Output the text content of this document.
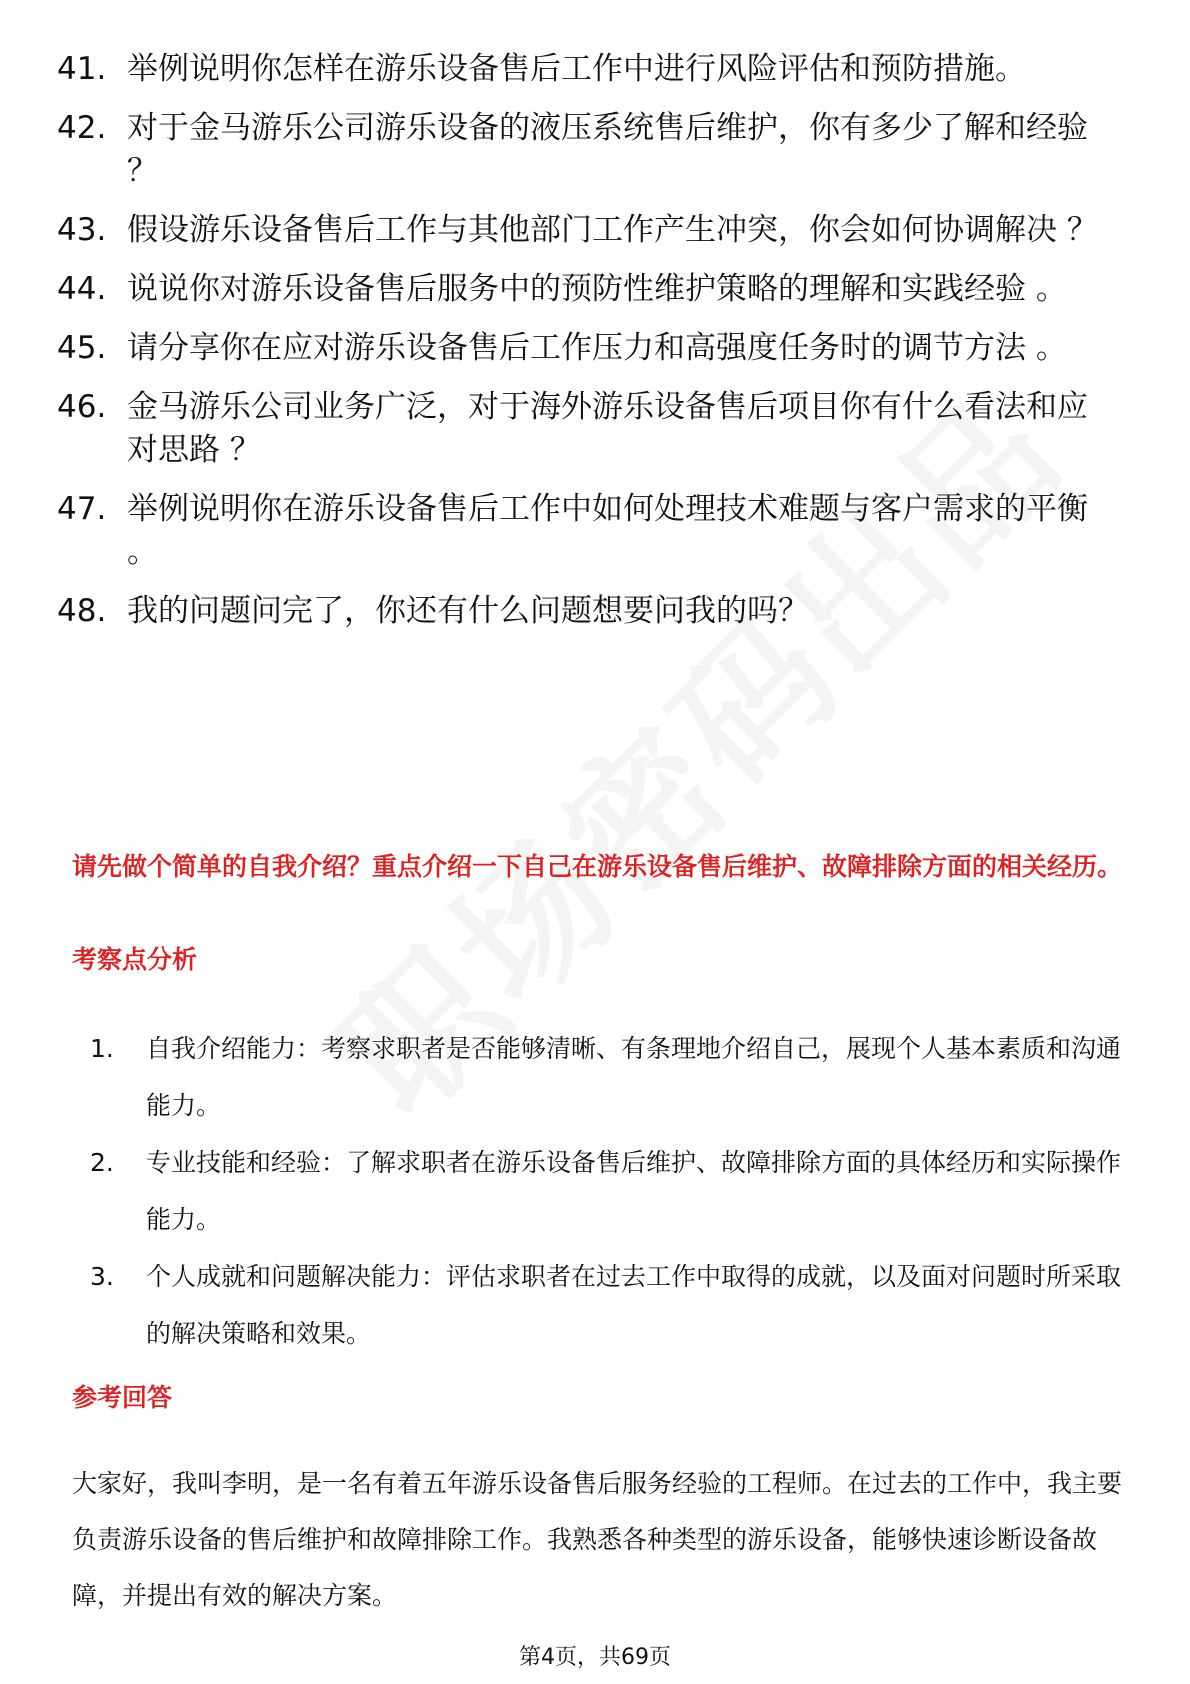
41. 举例说明你怎样在游乐设备售后工作中进行风险评估和预防措施。
42. 对于金马游乐公司游乐设备的液压系统售后维护，你有多少了解和经验 ？
43. 假设游乐设备售后工作与其他部门工作产生冲突，你会如何协调解决 ？
44. 说说你对游乐设备售后服务中的预防性维护策略的理解和实践经验 。
45. 请分享你在应对游乐设备售后工作压力和高强度任务时的调节方法 。
46. 金马游乐公司业务广泛，对于海外游乐设备售后项目你有什么看法和应对思路 ？
47. 举例说明你在游乐设备售后工作中如何处理技术难题与客户需求的平衡 。
48. 我的问题问完了，你还有什么问题想要问我的吗？
请先做个简单的自我介绍？重点介绍一下自己在游乐设备售后维护、故障排除方面的相关经历。
考察点分析
1.	自我介绍能力：考察求职者是否能够清晰、有条理地介绍自己，展现个人基本素质和沟通能力。
2.	专业技能和经验：了解求职者在游乐设备售后维护、故障排除方面的具体经历和实际操作能力。
3.	个人成就和问题解决能力：评估求职者在过去工作中取得的成就，以及面对问题时所采取的解决策略和效果。
参考回答
大家好，我叫李明，是一名有着五年游乐设备售后服务经验的工程师。在过去的工作中，我主要负责游乐设备的售后维护和故障排除工作。我熟悉各种类型的游乐设备，能够快速诊断设备故障，并提出有效的解决方案。
第4页，共69页
